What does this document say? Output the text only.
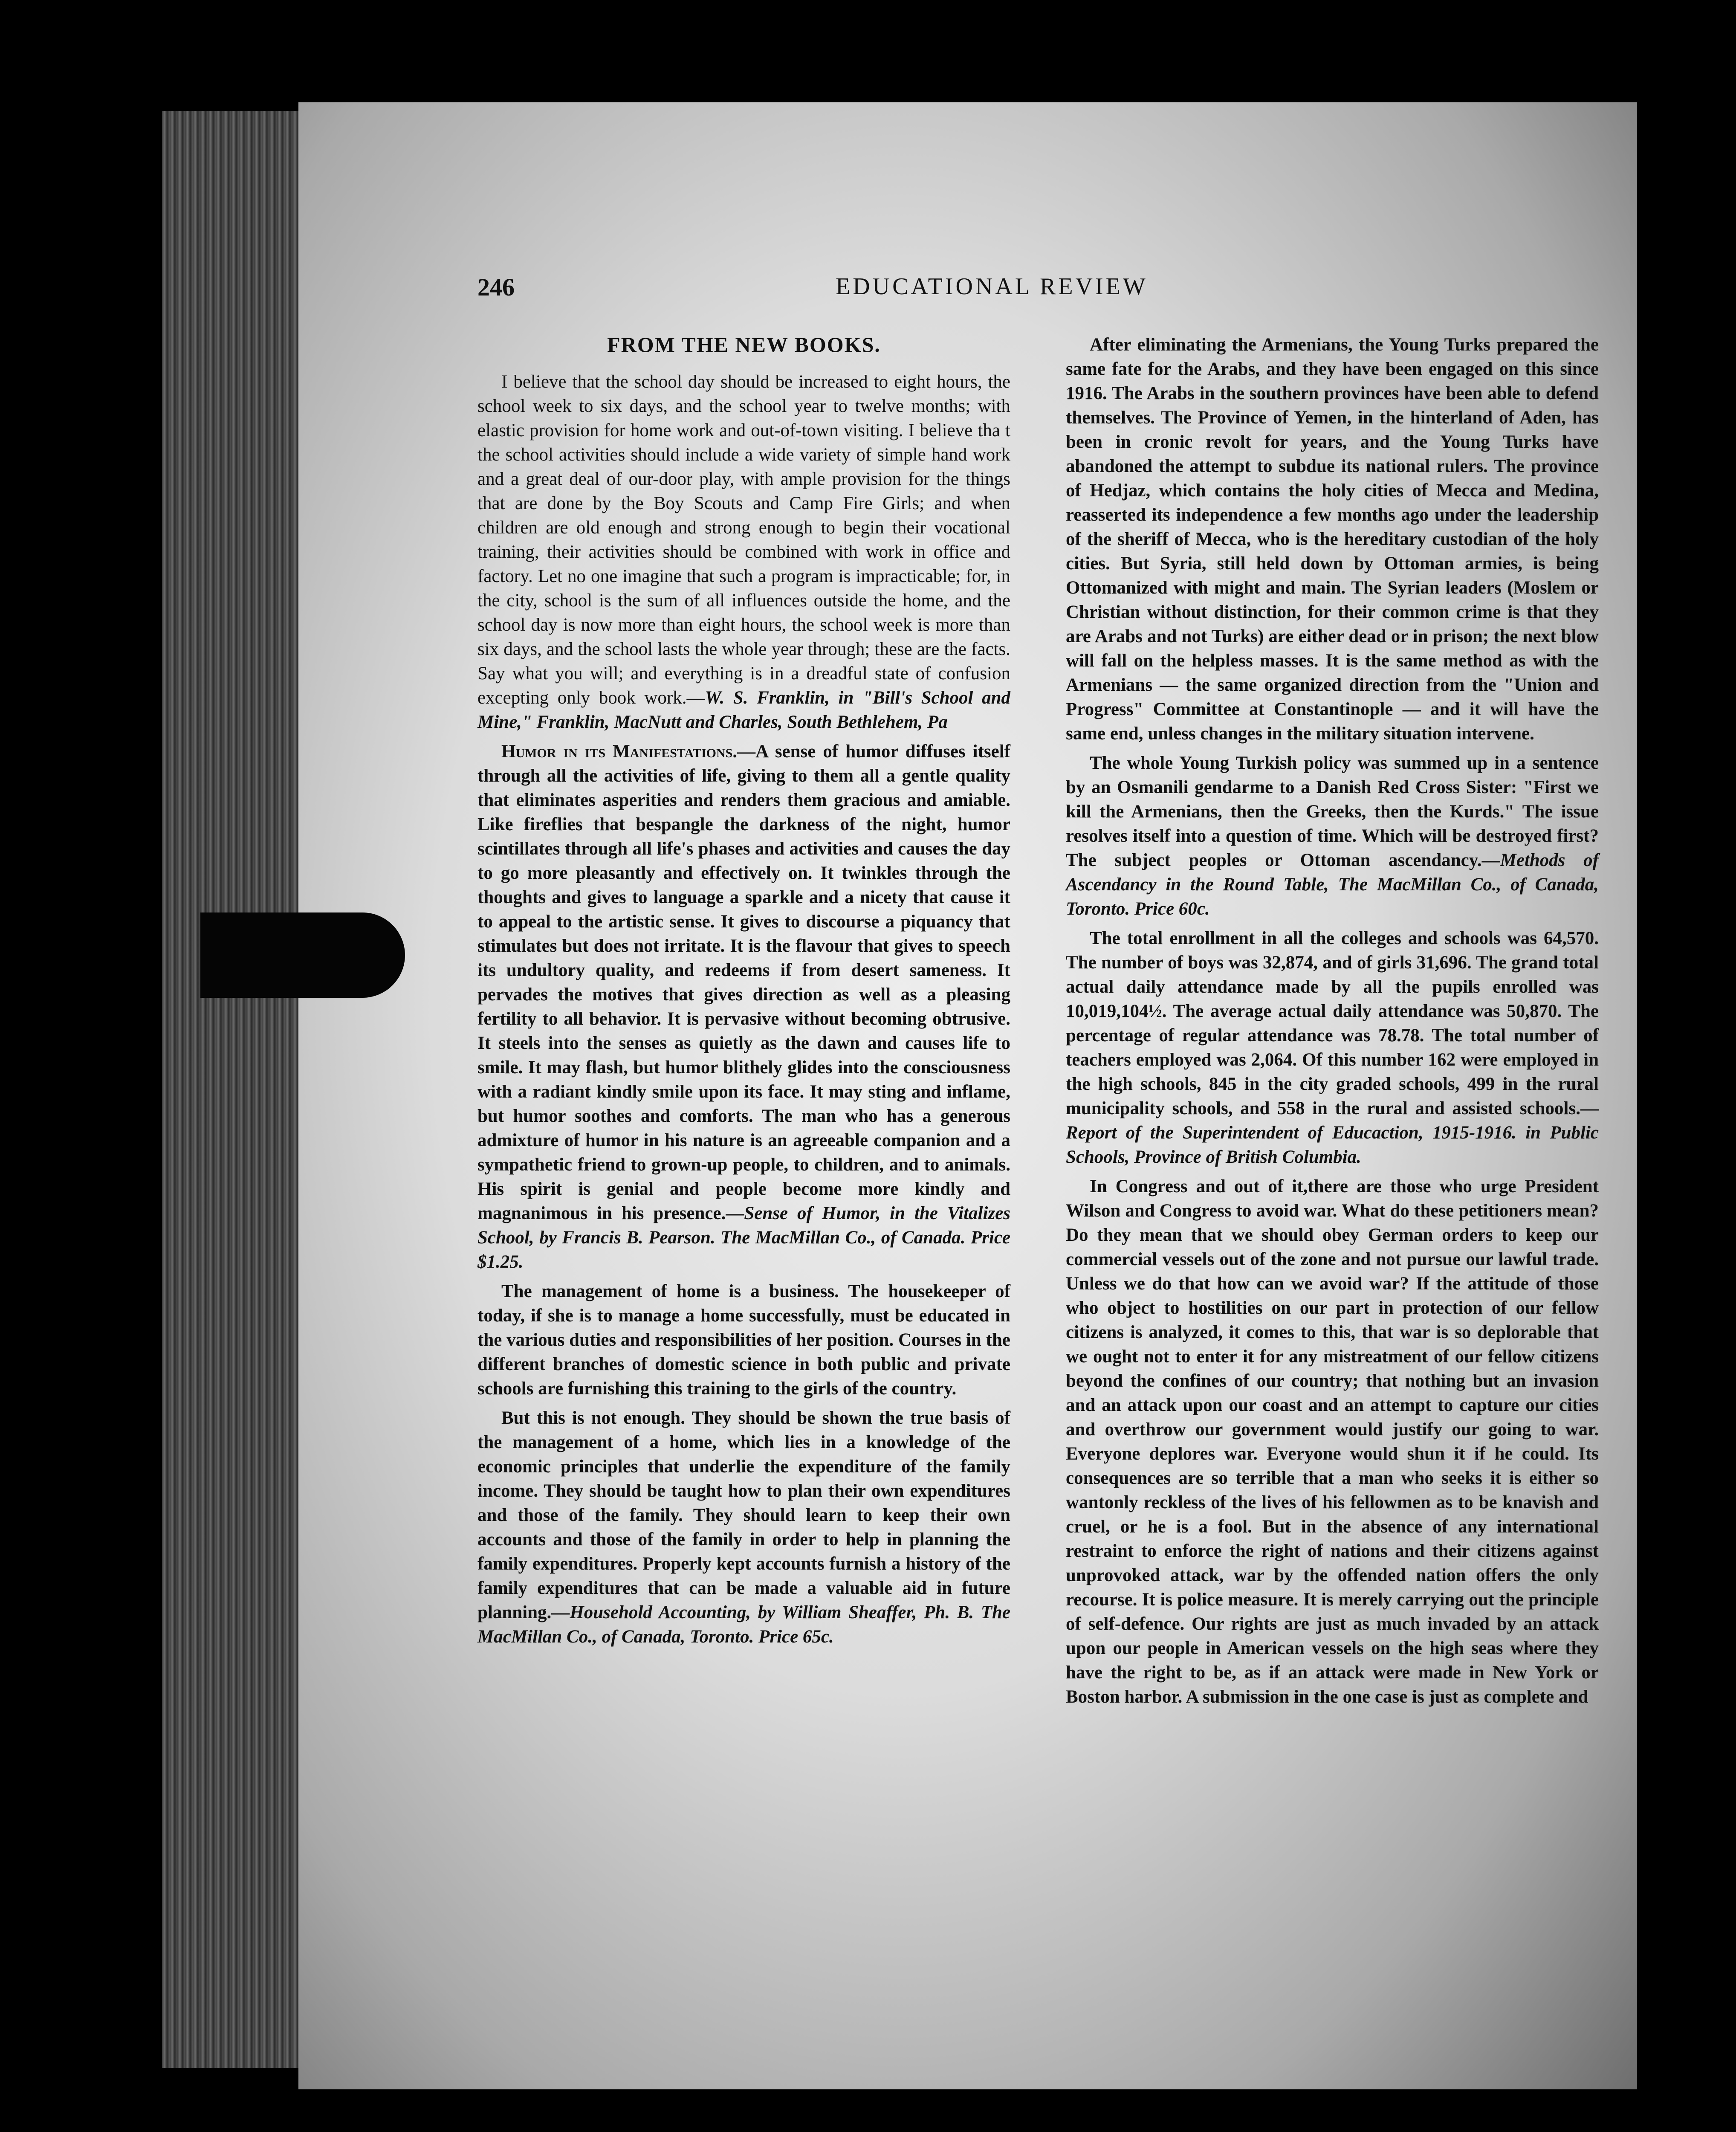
246	EDUCATIONAL REVIEW
FROM THE NEW BOOKS.

I believe that the school day should be increased to eight hours, the school week to six days, and the school year to twelve months; with elastic provision for home work and out-of-town visiting. I believe tha t the school activities should include a wide variety of simple hand work and a great deal of our-door play, with ample provision for the things that are done by the Boy Scouts and Camp Fire Girls; and when children are old enough and strong enough to begin their vocational training, their activities should be combined with work in office and factory. Let no one imagine that such a program is impracticable; for, in the city, school is the sum of all influences outside the home, and the school day is now more than eight hours, the school week is more than six days, and the school lasts the whole year through; these are the facts. Say what you will; and everything is in a dreadful state of confusion excepting only book work.—W. S. Franklin, in "Bill's School and Mine," Franklin, MacNutt and Charles, South Bethlehem, Pa

Humor in its Manifestations.—A sense of humor diffuses itself through all the activities of life, giving to them all a gentle quality that eliminates asperities and renders them gracious and amiable. Like fireflies that bespangle the darkness of the night, humor scintillates through all life's phases and activities and causes the day to go more pleasantly and effectively on. It twinkles through the thoughts and gives to language a sparkle and a nicety that cause it to appeal to the artistic sense. It gives to discourse a piquancy that stimulates but does not irritate. It is the flavour that gives to speech its undultory quality, and redeems if from desert sameness. It pervades the motives that gives direction as well as a pleasing fertility to all behavior. It is pervasive without becoming obtrusive. It steels into the senses as quietly as the dawn and causes life to smile. It may flash, but humor blithely glides into the consciousness with a radiant kindly smile upon its face. It may sting and inflame, but humor soothes and comforts. The man who has a generous admixture of humor in his nature is an agreeable companion and a sympathetic friend to grown-up people, to children, and to animals. His spirit is genial and people become more kindly and magnanimous in his presence.—Sense of Humor, in the Vitalizes School, by Francis B. Pearson. The MacMillan Co., of Canada. Price $1.25.

The management of home is a business. The housekeeper of today, if she is to manage a home successfully, must be educated in the various duties and responsibilities of her position. Courses in the different branches of domestic science in both public and private schools are furnishing this training to the girls of the country.

But this is not enough. They should be shown the true basis of the management of a home, which lies in a knowledge of the economic principles that underlie the expenditure of the family income. They should be taught how to plan their own expenditures and those of the family. They should learn to keep their own accounts and those of the family in order to help in planning the family expenditures. Properly kept accounts furnish a history of the family expenditures that can be made a valuable aid in future planning.—Household Accounting, by William Sheaffer, Ph. B. The MacMillan Co., of Canada, Toronto. Price 65c.

After eliminating the Armenians, the Young Turks prepared the same fate for the Arabs, and they have been engaged on this since 1916. The Arabs in the southern provinces have been able to defend themselves. The Province of Yemen, in the hinterland of Aden, has been in cronic revolt for years, and the Young Turks have abandoned the attempt to subdue its national rulers. The province of Hedjaz, which contains the holy cities of Mecca and Medina, reasserted its independence a few months ago under the leadership of the sheriff of Mecca, who is the hereditary custodian of the holy cities. But Syria, still held down by Ottoman armies, is being Ottomanized with might and main. The Syrian leaders (Moslem or Christian without distinction, for their common crime is that they are Arabs and not Turks) are either dead or in prison; the next blow will fall on the helpless masses. It is the same method as with the Armenians — the same organized direction from the "Union and Progress" Committee at Constantinople — and it will have the same end, unless changes in the military situation intervene.

The whole Young Turkish policy was summed up in a sentence by an Osmanili gendarme to a Danish Red Cross Sister: "First we kill the Armenians, then the Greeks, then the Kurds." The issue resolves itself into a question of time. Which will be destroyed first? The subject peoples or Ottoman ascendancy.—Methods of Ascendancy in the Round Table, The MacMillan Co., of Canada, Toronto. Price 60c.

The total enrollment in all the colleges and schools was 64,570. The number of boys was 32,874, and of girls 31,696. The grand total actual daily attendance made by all the pupils enrolled was 10,019,104½. The average actual daily attendance was 50,870. The percentage of regular attendance was 78.78. The total number of teachers employed was 2,064. Of this number 162 were employed in the high schools, 845 in the city graded schools, 499 in the rural municipality schools, and 558 in the rural and assisted schools.—Report of the Superintendent of Educaction, 1915-1916. in Public Schools, Province of British Columbia.

In Congress and out of it,there are those who urge President Wilson and Congress to avoid war. What do these petitioners mean? Do they mean that we should obey German orders to keep our commercial vessels out of the zone and not pursue our lawful trade. Unless we do that how can we avoid war? If the attitude of those who object to hostilities on our part in protection of our fellow citizens is analyzed, it comes to this, that war is so deplorable that we ought not to enter it for any mistreatment of our fellow citizens beyond the confines of our country; that nothing but an invasion and an attack upon our coast and an attempt to capture our cities and overthrow our government would justify our going to war. Everyone deplores war. Everyone would shun it if he could. Its consequences are so terrible that a man who seeks it is either so wantonly reckless of the lives of his fellowmen as to be knavish and cruel, or he is a fool. But in the absence of any international restraint to enforce the right of nations and their citizens against unprovoked attack, war by the offended nation offers the only recourse. It is police measure. It is merely carrying out the principle of self-defence. Our rights are just as much invaded by an attack upon our people in American vessels on the high seas where they have the right to be, as if an attack were made in New York or Boston harbor. A submission in the one case is just as complete and
